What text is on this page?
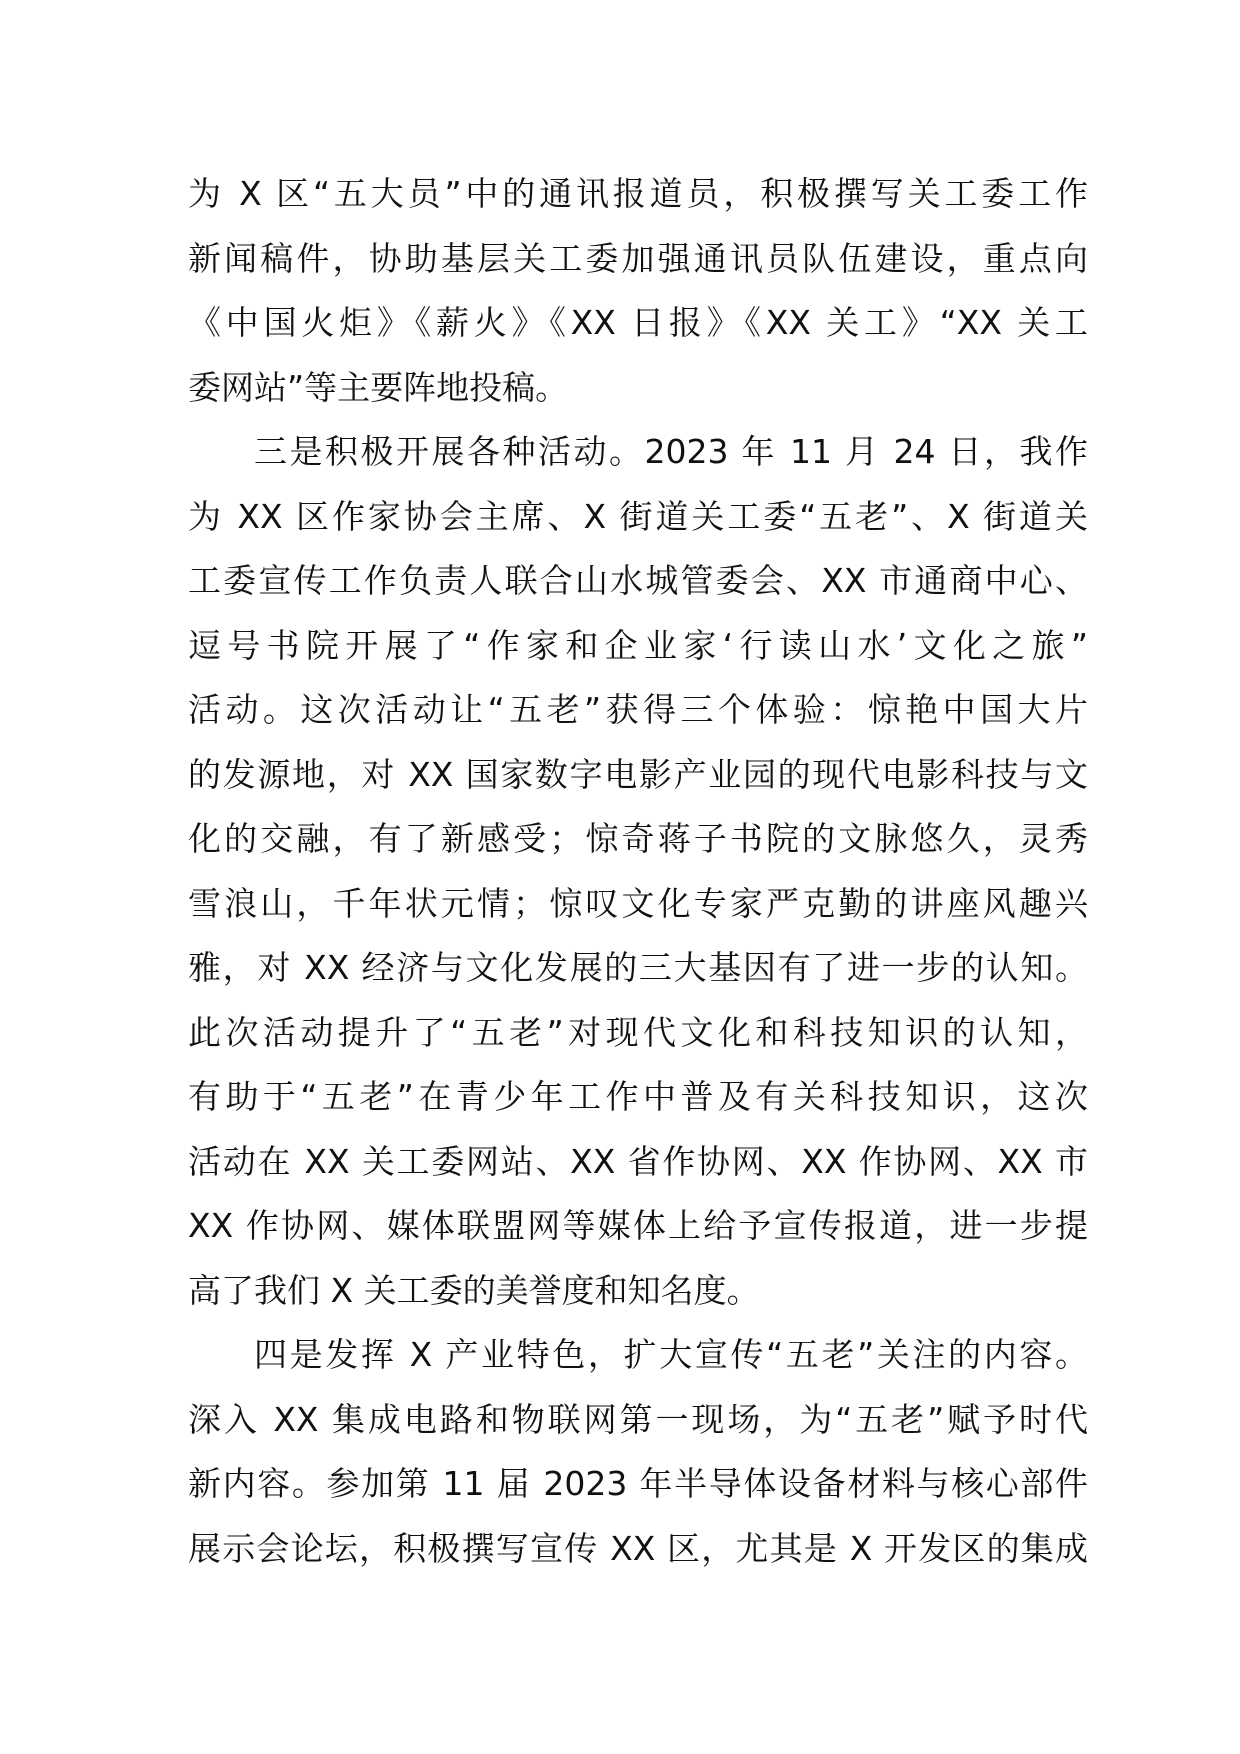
为 X 区“五大员”中的通讯报道员，积极撰写关工委工作
新闻稿件，协助基层关工委加强通讯员队伍建设，重点向
《中国火炬》《薪火》《XX 日报》《XX 关工》“XX 关工
委网站”等主要阵地投稿。
三是积极开展各种活动。2023 年 11 月 24 日，我作
为 XX 区作家协会主席、X 街道关工委“五老”、X 街道关
工委宣传工作负责人联合山水城管委会、XX 市通商中心、
逗号书院开展了“作家和企业家‘行读山水’文化之旅”
活动。这次活动让“五老”获得三个体验：惊艳中国大片
的发源地，对 XX 国家数字电影产业园的现代电影科技与文
化的交融，有了新感受；惊奇蒋子书院的文脉悠久，灵秀
雪浪山，千年状元情；惊叹文化专家严克勤的讲座风趣兴
雅，对 XX 经济与文化发展的三大基因有了进一步的认知。
此次活动提升了“五老”对现代文化和科技知识的认知，
有助于“五老”在青少年工作中普及有关科技知识，这次
活动在 XX 关工委网站、XX 省作协网、XX 作协网、XX 市
XX 作协网、媒体联盟网等媒体上给予宣传报道，进一步提
高了我们 X 关工委的美誉度和知名度。
四是发挥 X 产业特色，扩大宣传“五老”关注的内容。
深入 XX 集成电路和物联网第一现场，为“五老”赋予时代
新内容。参加第 11 届 2023 年半导体设备材料与核心部件
展示会论坛，积极撰写宣传 XX 区，尤其是 X 开发区的集成
